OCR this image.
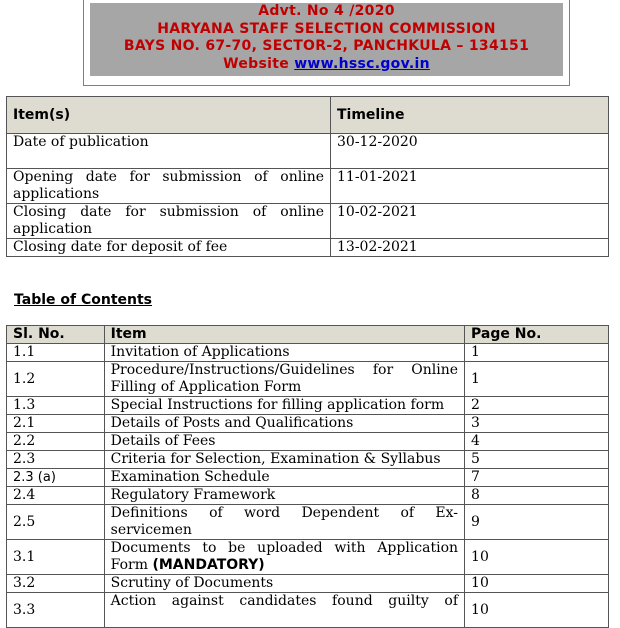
Advt. No 4 /2020
HARYANA STAFF SELECTION COMMISSION
BAYS NO. 67-70, SECTOR-2, PANCHKULA – 134151
Website www.hssc.gov.in
Item(s)	Timeline
Date of publication	30-12-2020

Opening date for submission of online
applications	11-01-2021

Closing date for submission of online
application	10-02-2021
Closing date for deposit of fee	13-02-2021
Table of Contents
Sl. No.	Item	Page No.
1.1	Invitation of Applications	1
1.2	Procedure/Instructions/Guidelines for Online
Filling of Application Form	1
1.3	Special Instructions for filling application form	2
2.1	Details of Posts and Qualifications	3
2.2	Details of Fees	4
2.3	Criteria for Selection, Examination & Syllabus	5
2.3 (a)	Examination Schedule	7
2.4	Regulatory Framework	8
2.5	Definitions of word Dependent of Ex-
servicemen	9
3.1	Documents to be uploaded with Application
Form (MANDATORY)	10
3.2	Scrutiny of Documents	10
3.3	Action against candidates found guilty of	10
